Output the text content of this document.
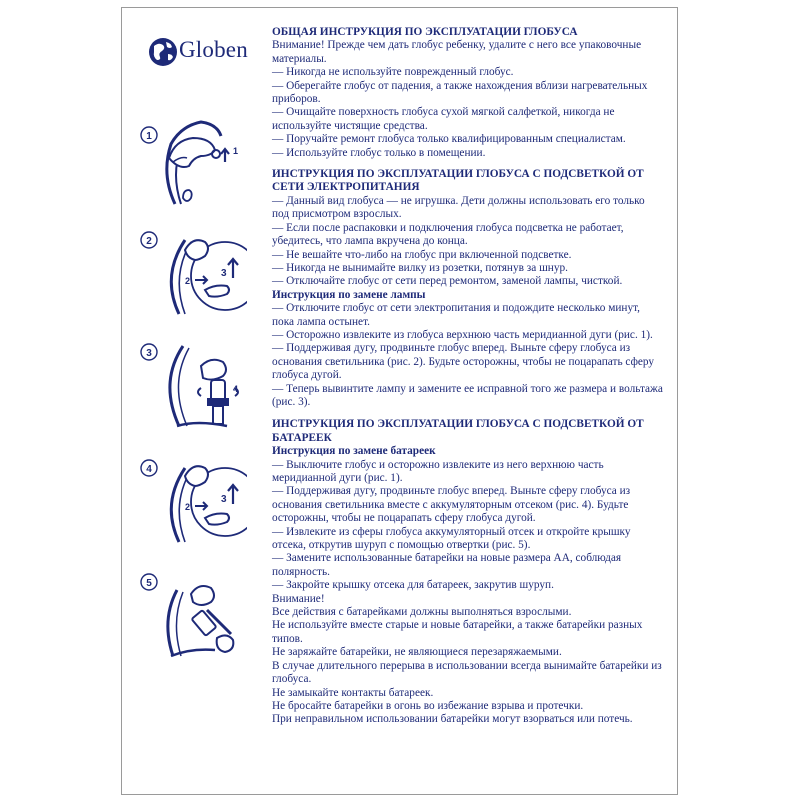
Globen
1
1
2
3
2
3
4
4
3
2
5
ОБЩАЯ ИНСТРУКЦИЯ ПО ЭКСПЛУАТАЦИИ ГЛОБУСА

Внимание! Прежде чем дать глобус ребенку, удалите с него все упаковочные материалы.

— Никогда не используйте поврежденный глобус.

— Оберегайте глобус от падения, а также нахождения вблизи нагревательных приборов.

— Очищайте поверхность глобуса сухой мягкой салфеткой, никогда не используйте чистящие средства.

— Поручайте ремонт глобуса только квалифицированным специалистам.

— Используйте глобус только в помещении.

ИНСТРУКЦИЯ ПО ЭКСПЛУАТАЦИИ ГЛОБУСА С ПОДСВЕТКОЙ ОТ СЕТИ ЭЛЕКТРОПИТАНИЯ

— Данный вид глобуса — не игрушка. Дети должны использовать его только под присмотром взрослых.

— Если после распаковки и подключения глобуса подсветка не работает, убедитесь, что лампа вкручена до конца.

— Не вешайте что-либо на глобус при включенной подсветке.

— Никогда не вынимайте вилку из розетки, потянув за шнур.

— Отключайте глобус от сети перед ремонтом, заменой лампы, чисткой.

Инструкция по замене лампы

— Отключите глобус от сети электропитания и подождите несколько минут, пока лампа остынет.

— Осторожно извлеките из глобуса верхнюю часть меридианной дуги (рис. 1).

— Поддерживая дугу, продвиньте глобус вперед. Выньте сферу глобуса из основания светильника (рис. 2). Будьте осторожны, чтобы не поцарапать сферу глобуса дугой.

— Теперь вывинтите лампу и замените ее исправной того же размера и вольтажа (рис. 3).

ИНСТРУКЦИЯ ПО ЭКСПЛУАТАЦИИ ГЛОБУСА С ПОДСВЕТКОЙ ОТ БАТАРЕЕК
Инструкция по замене батареек

— Выключите глобус и осторожно извлеките из него верхнюю часть меридианной дуги (рис. 1).

— Поддерживая дугу, продвиньте глобус вперед. Выньте сферу глобуса из основания светильника вместе с аккумуляторным отсеком (рис. 4). Будьте осторожны, чтобы не поцарапать сферу глобуса дугой.

— Извлеките из сферы глобуса аккумуляторный отсек и откройте крышку отсека, открутив шуруп с помощью отвертки (рис. 5).

— Замените использованные батарейки на новые размера АА, соблюдая полярность.

— Закройте крышку отсека для батареек, закрутив шуруп.

Внимание!

Все действия с батарейками должны выполняться взрослыми.

Не используйте вместе старые и новые батарейки, а также батарейки разных типов.

Не заряжайте батарейки, не являющиеся перезаряжаемыми.

В случае длительного перерыва в использовании всегда вынимайте батарейки из глобуса.

Не замыкайте контакты батареек.

Не бросайте батарейки в огонь во избежание взрыва и протечки.

При неправильном использовании батарейки могут взорваться или потечь.
